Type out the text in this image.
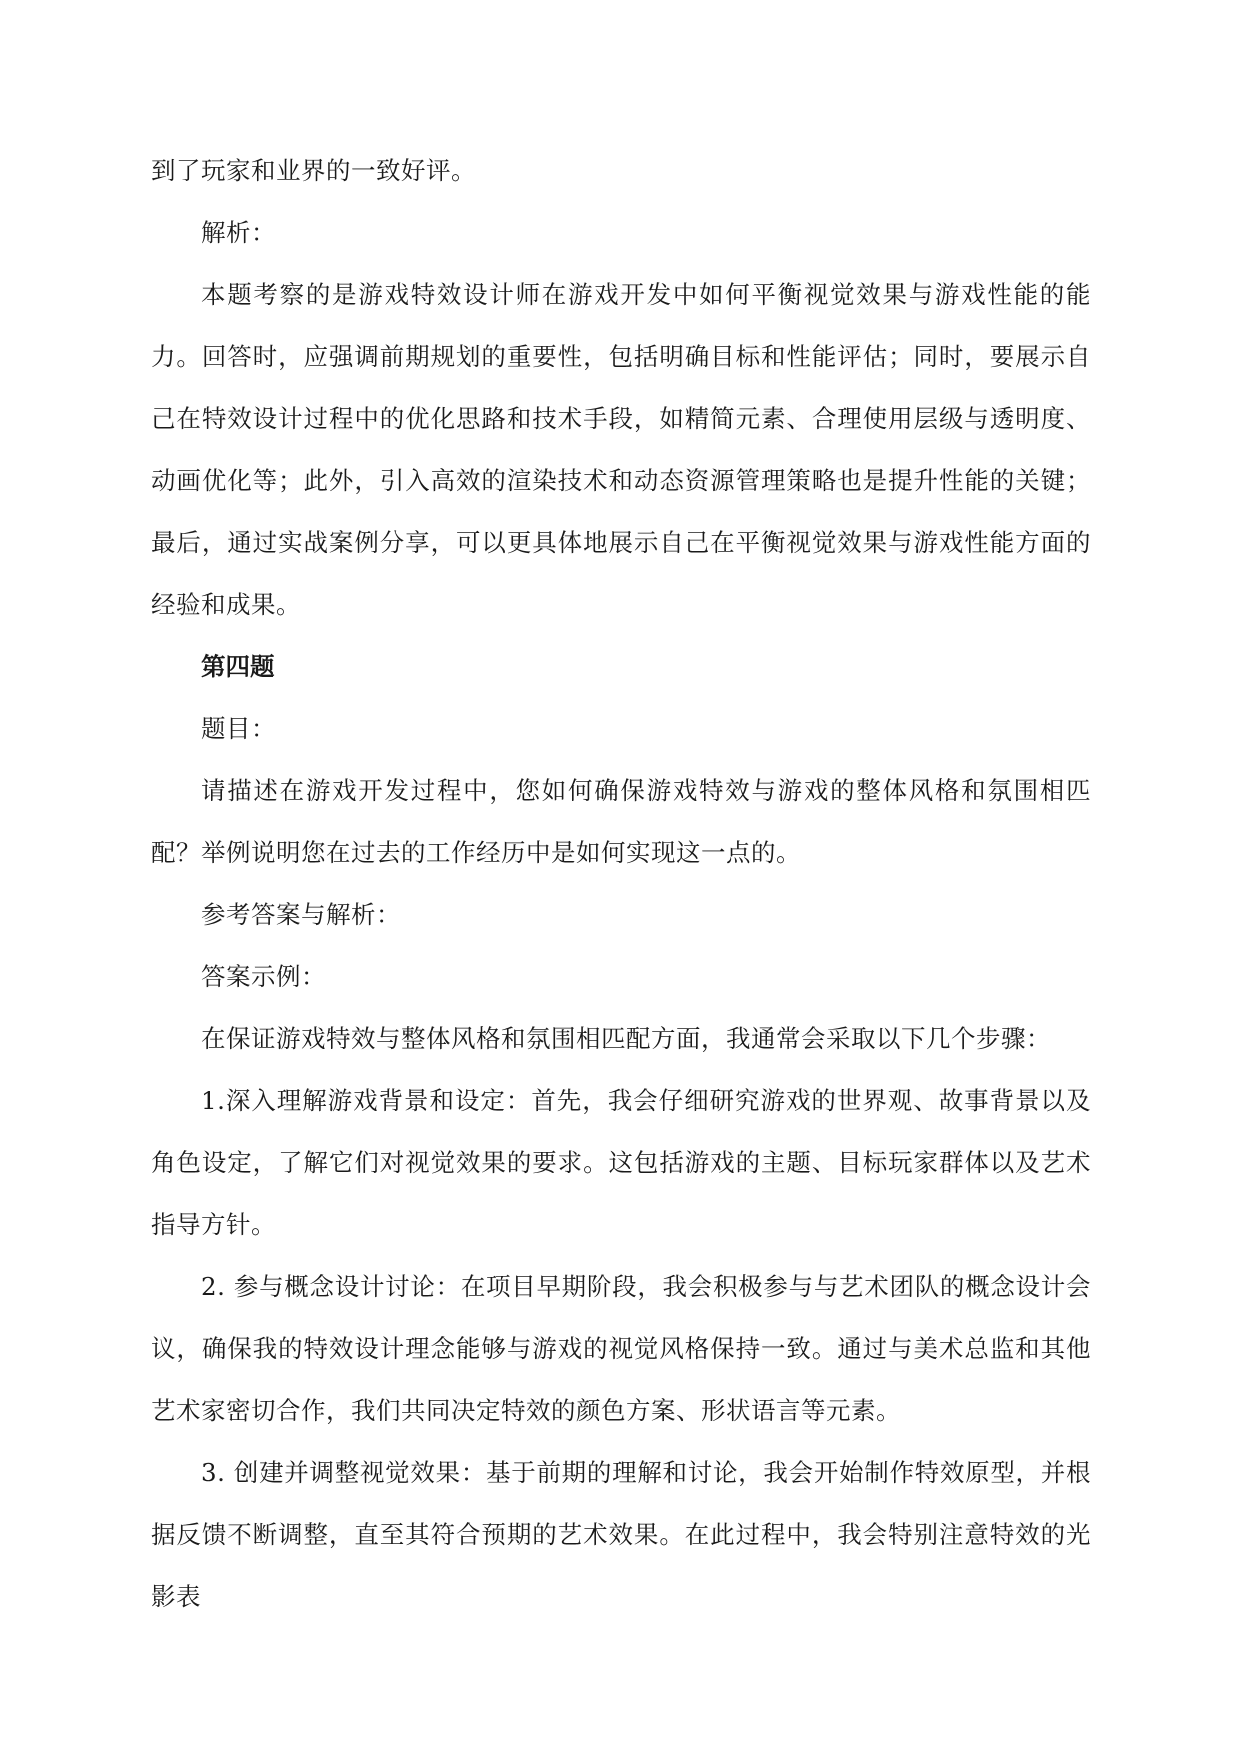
到了玩家和业界的一致好评。

解析：

本题考察的是游戏特效设计师在游戏开发中如何平衡视觉效果与游戏性能的能力。回答时，应强调前期规划的重要性，包括明确目标和性能评估；同时，要展示自己在特效设计过程中的优化思路和技术手段，如精简元素、合理使用层级与透明度、动画优化等；此外，引入高效的渲染技术和动态资源管理策略也是提升性能的关键；最后，通过实战案例分享，可以更具体地展示自己在平衡视觉效果与游戏性能方面的经验和成果。

第四题

题目：

请描述在游戏开发过程中，您如何确保游戏特效与游戏的整体风格和氛围相匹配？举例说明您在过去的工作经历中是如何实现这一点的。

参考答案与解析：

答案示例：

在保证游戏特效与整体风格和氛围相匹配方面，我通常会采取以下几个步骤：

1.深入理解游戏背景和设定：首先，我会仔细研究游戏的世界观、故事背景以及角色设定，了解它们对视觉效果的要求。这包括游戏的主题、目标玩家群体以及艺术指导方针。

2. 参与概念设计讨论：在项目早期阶段，我会积极参与与艺术团队的概念设计会议，确保我的特效设计理念能够与游戏的视觉风格保持一致。通过与美术总监和其他艺术家密切合作，我们共同决定特效的颜色方案、形状语言等元素。

3. 创建并调整视觉效果：基于前期的理解和讨论，我会开始制作特效原型，并根据反馈不断调整，直至其符合预期的艺术效果。在此过程中，我会特别注意特效的光影表
